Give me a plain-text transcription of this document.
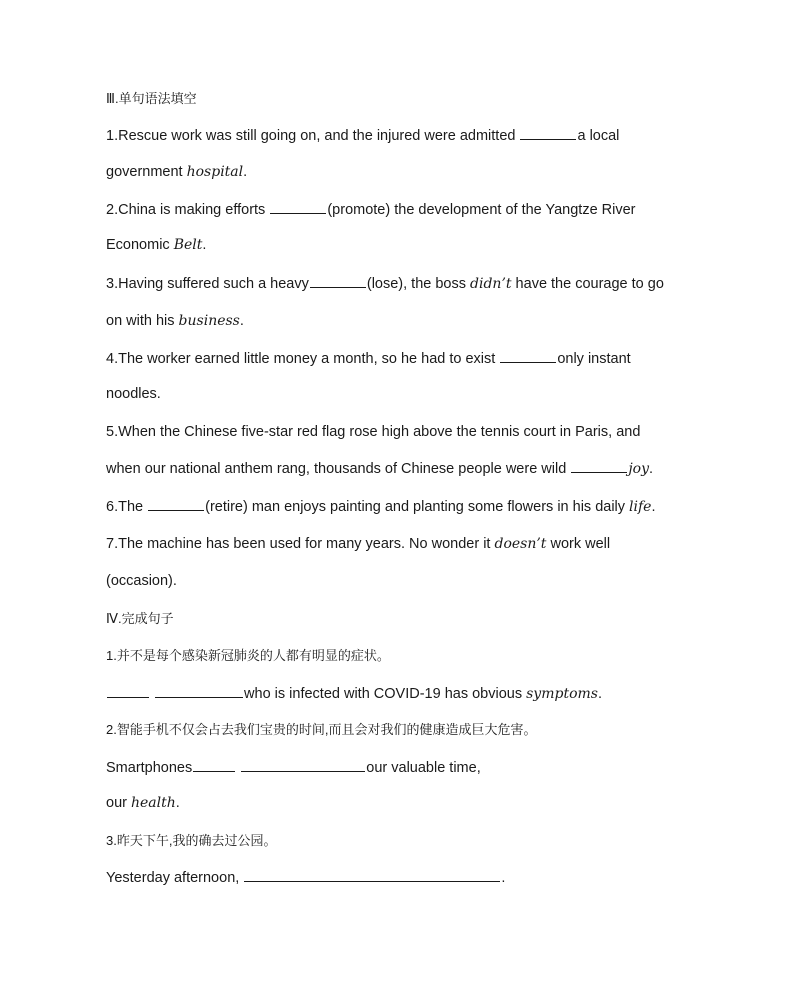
Ⅲ.单句语法填空
1.Rescue work was still going on, and the injured were admitted	a local
government hospital.
2.China is making efforts	(promote) the development of the Yangtze River
Economic Belt.
3.Having suffered such a heavy	(lose), the boss didn’t have the courage to go
on with his business.
4.The worker earned little money a month, so he had to exist	only instant
noodles.
5.When the Chinese five-star red flag rose high above the tennis court in Paris, and
when our national anthem rang, thousands of Chinese people were wild	joy.
6.The	(retire) man enjoys painting and planting some flowers in his daily life.
7.The machine has been used for many years. No wonder it doesn’t work well
(occasion).
Ⅳ.完成句子
1.并不是每个感染新冠肺炎的人都有明显的症状。
who is infected with COVID-19 has obvious symptoms.
2.智能手机不仅会占去我们宝贵的时间,而且会对我们的健康造成巨大危害。
Smartphones	our valuable time,
our health.
3.昨天下午,我的确去过公园。
Yesterday afternoon,	.
